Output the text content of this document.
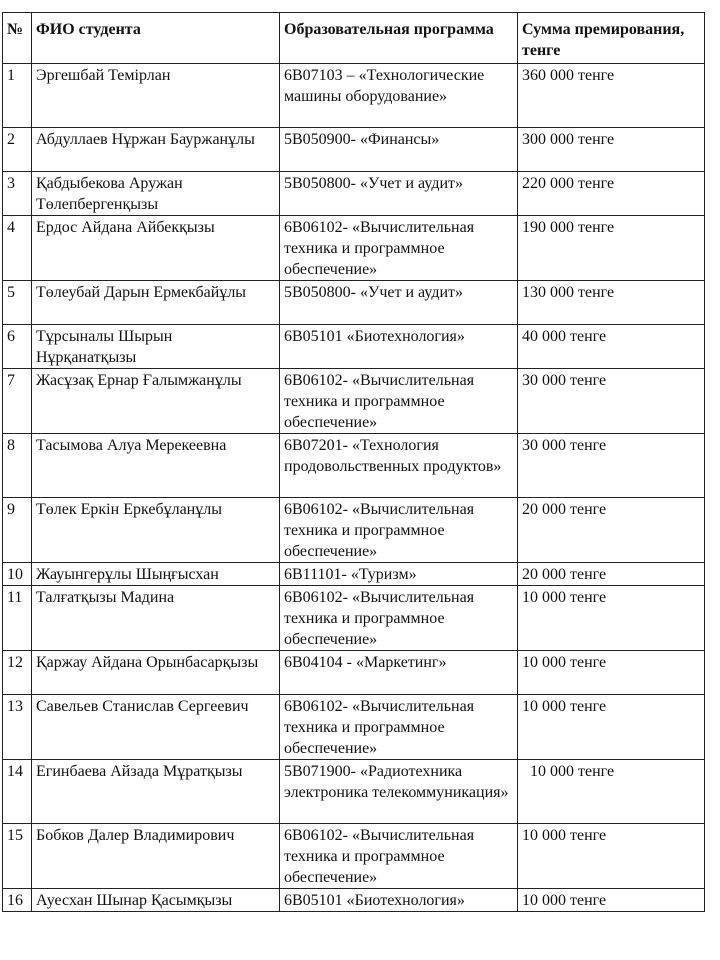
№	ФИО студента	Образовательная программа	Сумма премирования, тенге
1	Эргешбай Темірлан	6В07103 – «Технологические машины оборудование»	360 000 тенге
2	Абдуллаев Нұржан Бауржанұлы	5В050900- «Финансы»	300 000 тенге
3	Қабдыбекова Аружан Төлепбергенқызы	5В050800- «Учет и аудит»	220 000 тенге
4	Ердос Айдана Айбекқызы	6В06102- «Вычислительная техника и программное обеспечение»	190 000 тенге
5	Төлеубай Дарын Ермекбайұлы	5В050800- «Учет и аудит»	130 000 тенге
6	Тұрсыналы Шырын Нұрқанатқызы	6В05101 «Биотехнология»	40 000 тенге
7	Жасұзақ Ернар Ғалымжанұлы	6В06102- «Вычислительная техника и программное обеспечение»	30 000 тенге
8	Тасымова Алуа Мерекеевна	6В07201- «Технология продовольственных продуктов»	30 000 тенге
9	Төлек Еркін Еркебұланұлы	6В06102- «Вычислительная техника и программное обеспечение»	20 000 тенге
10	Жауынгерұлы Шыңғысхан	6В11101- «Туризм»	20 000 тенге
11	Талғатқызы Мадина	6В06102- «Вычислительная техника и программное обеспечение»	10 000 тенге
12	Қаржау Айдана Орынбасарқызы	6В04104 - «Маркетинг»	10 000 тенге
13	Савельев Станислав Сергеевич	6В06102- «Вычислительная техника и программное обеспечение»	10 000 тенге
14	Егинбаева Айзада Мұратқызы	5В071900- «Радиотехника электроника телекоммуникация»	10 000 тенге
15	Бобков Далер Владимирович	6В06102- «Вычислительная техника и программное обеспечение»	10 000 тенге
16	Ауесхан Шынар Қасымқызы	6В05101 «Биотехнология»	10 000 тенге
